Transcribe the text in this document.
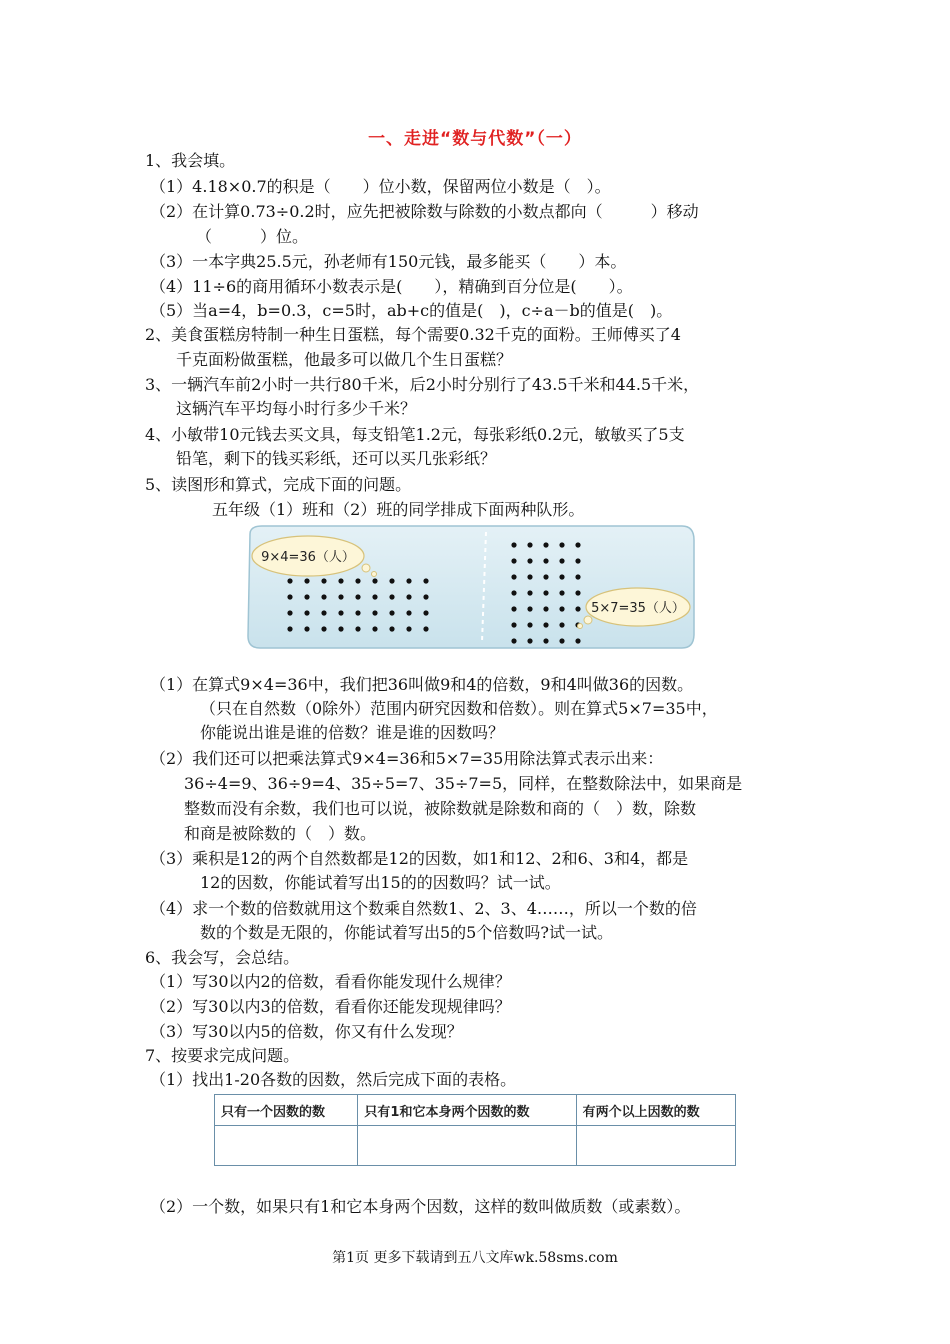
一、走进“数与代数”（一）
1、我会填。
（1）4.18×0.7的积是（　　）位小数，保留两位小数是（　）。
（2）在计算0.73÷0.2时，应先把被除数与除数的小数点都向（　　　）移动
（　　　）位。
（3）一本字典25.5元，孙老师有150元钱，最多能买（　　）本。
（4）11÷6的商用循环小数表示是(　　），精确到百分位是(　　）。
（5）当a=4，b=0.3，c=5时，ab+c的值是(　)，c÷a－b的值是(　)。
2、美食蛋糕房特制一种生日蛋糕，每个需要0.32千克的面粉。王师傅买了4
千克面粉做蛋糕，他最多可以做几个生日蛋糕？
3、一辆汽车前2小时一共行80千米，后2小时分别行了43.5千米和44.5千米，
这辆汽车平均每小时行多少千米？
4、小敏带10元钱去买文具，每支铅笔1.2元，每张彩纸0.2元，敏敏买了5支
铅笔，剩下的钱买彩纸，还可以买几张彩纸？
5、读图形和算式，完成下面的问题。
五年级（1）班和（2）班的同学排成下面两种队形。
9×4=36（人）
5×7=35（人）
（1）在算式9×4=36中，我们把36叫做9和4的倍数，9和4叫做36的因数。
（只在自然数（0除外）范围内研究因数和倍数）。则在算式5×7=35中，
你能说出谁是谁的倍数？谁是谁的因数吗？
（2）我们还可以把乘法算式9×4=36和5×7=35用除法算式表示出来：
36÷4=9、36÷9=4、35÷5=7、35÷7=5，同样，在整数除法中，如果商是
整数而没有余数，我们也可以说，被除数就是除数和商的（　）数，除数
和商是被除数的（　）数。
（3）乘积是12的两个自然数都是12的因数，如1和12、2和6、3和4，都是
12的因数，你能试着写出15的的因数吗？试一试。
（4）求一个数的倍数就用这个数乘自然数1、2、3、4……，所以一个数的倍
数的个数是无限的，你能试着写出5的5个倍数吗?试一试。
6、我会写，会总结。
（1）写30以内2的倍数，看看你能发现什么规律？
（2）写30以内3的倍数，看看你还能发现规律吗？
（3）写30以内5的倍数，你又有什么发现？
7、按要求完成问题。
（1）找出1-20各数的因数，然后完成下面的表格。
只有一个因数的数	只有1和它本身两个因数的数	有两个以上因数的数

（2）一个数，如果只有1和它本身两个因数，这样的数叫做质数（或素数）。
第1页 更多下载请到五八文库wk.58sms.com
